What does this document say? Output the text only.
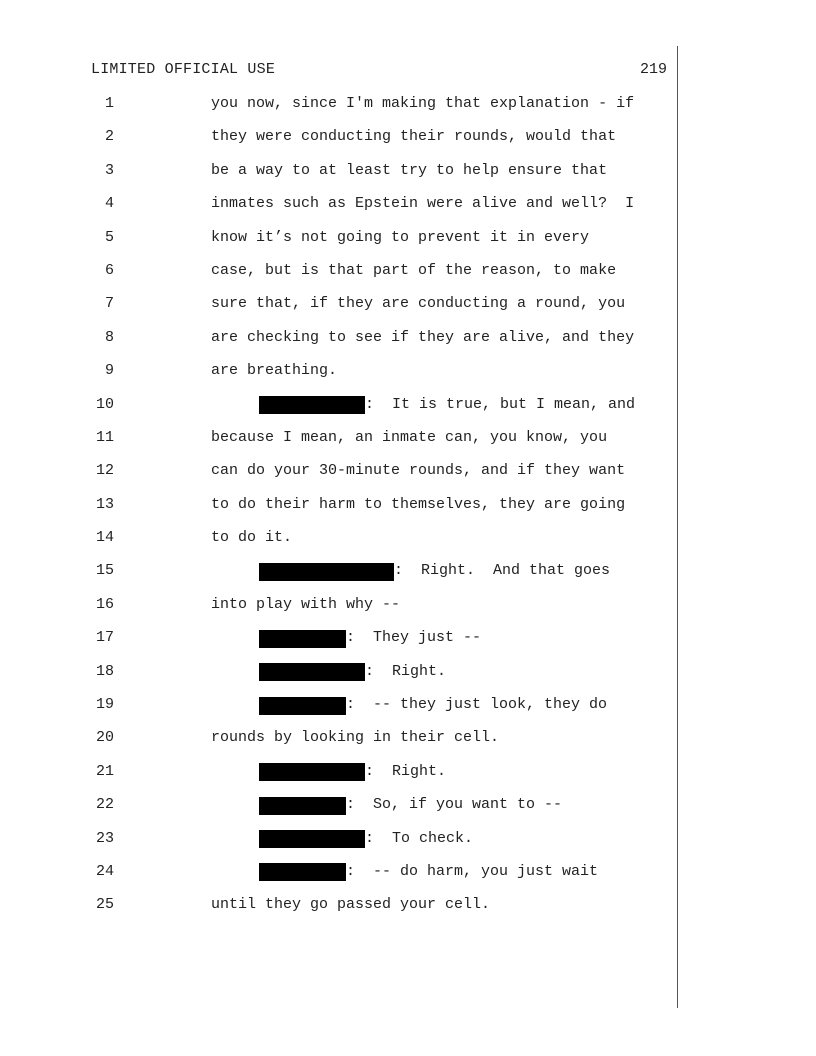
LIMITED OFFICIAL USE	219
1	you now, since I'm making that explanation - if
2	they were conducting their rounds, would that
3	be a way to at least try to help ensure that
4	inmates such as Epstein were alive and well?  I
5	know it’s not going to prevent it in every
6	case, but is that part of the reason, to make
7	sure that, if they are conducting a round, you
8	are checking to see if they are alive, and they
9	are breathing.
10	:  It is true, but I mean, and
11	because I mean, an inmate can, you know, you
12	can do your 30-minute rounds, and if they want
13	to do their harm to themselves, they are going
14	to do it.
15	:  Right.  And that goes
16	into play with why --
17	:  They just --
18	:  Right.
19	:  -- they just look, they do
20	rounds by looking in their cell.
21	:  Right.
22	:  So, if you want to --
23	:  To check.
24	:  -- do harm, you just wait
25	until they go passed your cell.
